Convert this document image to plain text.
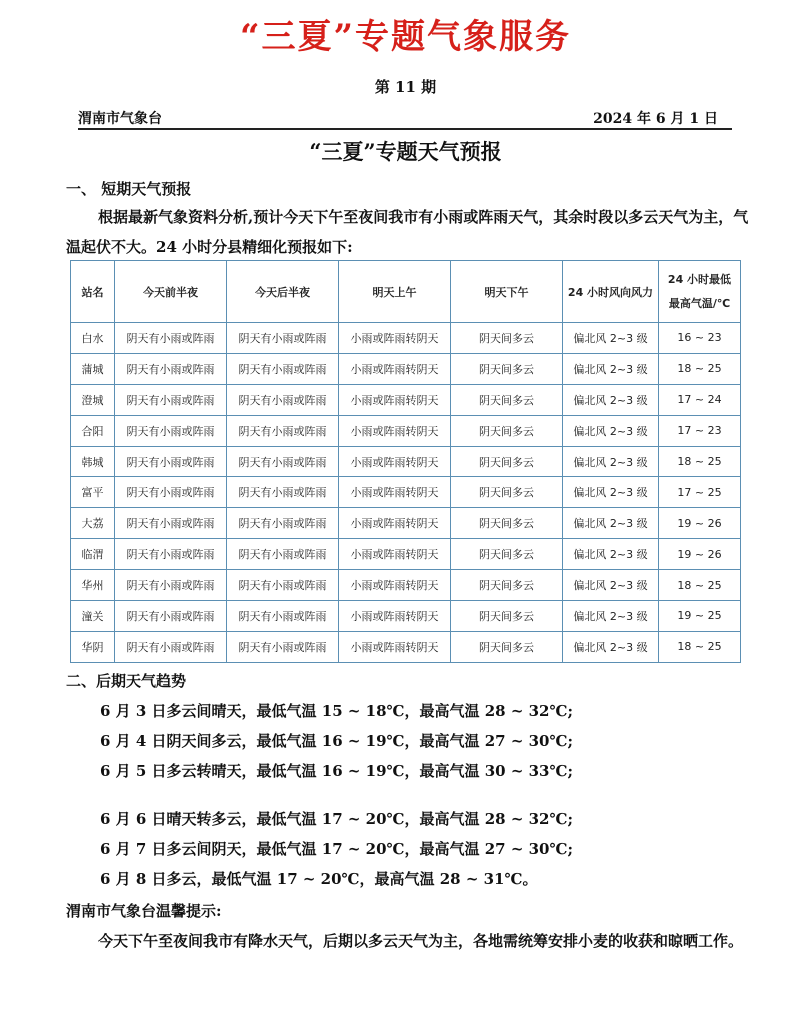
“三夏”专题气象服务
第 11 期
渭南市气象台	2024 年 6 月 1 日
“三夏”专题天气预报
一、 短期天气预报
根据最新气象资料分析,预计今天下午至夜间我市有小雨或阵雨天气，其余时段以多云天气为主，气温起伏不大。24 小时分县精细化预报如下:
站名	今天前半夜	今天后半夜	明天上午	明天下午	24 小时风向风力	24 小时最低
最高气温/℃

白水	阴天有小雨或阵雨	阴天有小雨或阵雨	小雨或阵雨转阴天	阴天间多云	偏北风 2~3 级	16 ~ 23
蒲城	阴天有小雨或阵雨	阴天有小雨或阵雨	小雨或阵雨转阴天	阴天间多云	偏北风 2~3 级	18 ~ 25
澄城	阴天有小雨或阵雨	阴天有小雨或阵雨	小雨或阵雨转阴天	阴天间多云	偏北风 2~3 级	17 ~ 24
合阳	阴天有小雨或阵雨	阴天有小雨或阵雨	小雨或阵雨转阴天	阴天间多云	偏北风 2~3 级	17 ~ 23
韩城	阴天有小雨或阵雨	阴天有小雨或阵雨	小雨或阵雨转阴天	阴天间多云	偏北风 2~3 级	18 ~ 25
富平	阴天有小雨或阵雨	阴天有小雨或阵雨	小雨或阵雨转阴天	阴天间多云	偏北风 2~3 级	17 ~ 25
大荔	阴天有小雨或阵雨	阴天有小雨或阵雨	小雨或阵雨转阴天	阴天间多云	偏北风 2~3 级	19 ~ 26
临渭	阴天有小雨或阵雨	阴天有小雨或阵雨	小雨或阵雨转阴天	阴天间多云	偏北风 2~3 级	19 ~ 26
华州	阴天有小雨或阵雨	阴天有小雨或阵雨	小雨或阵雨转阴天	阴天间多云	偏北风 2~3 级	18 ~ 25
潼关	阴天有小雨或阵雨	阴天有小雨或阵雨	小雨或阵雨转阴天	阴天间多云	偏北风 2~3 级	19 ~ 25
华阴	阴天有小雨或阵雨	阴天有小雨或阵雨	小雨或阵雨转阴天	阴天间多云	偏北风 2~3 级	18 ~ 25
二、后期天气趋势
6 月 3 日多云间晴天，最低气温 15 ~ 18℃，最高气温 28 ~ 32℃;
6 月 4 日阴天间多云，最低气温 16 ~ 19℃，最高气温 27 ~ 30℃;
6 月 5 日多云转晴天，最低气温 16 ~ 19℃，最高气温 30 ~ 33℃;
6 月 6 日晴天转多云，最低气温 17 ~ 20℃，最高气温 28 ~ 32℃;
6 月 7 日多云间阴天，最低气温 17 ~ 20℃，最高气温 27 ~ 30℃;
6 月 8 日多云，最低气温 17 ~ 20℃，最高气温 28 ~ 31℃。
渭南市气象台温馨提示:
今天下午至夜间我市有降水天气，后期以多云天气为主，各地需统筹安排小麦的收获和晾晒工作。
